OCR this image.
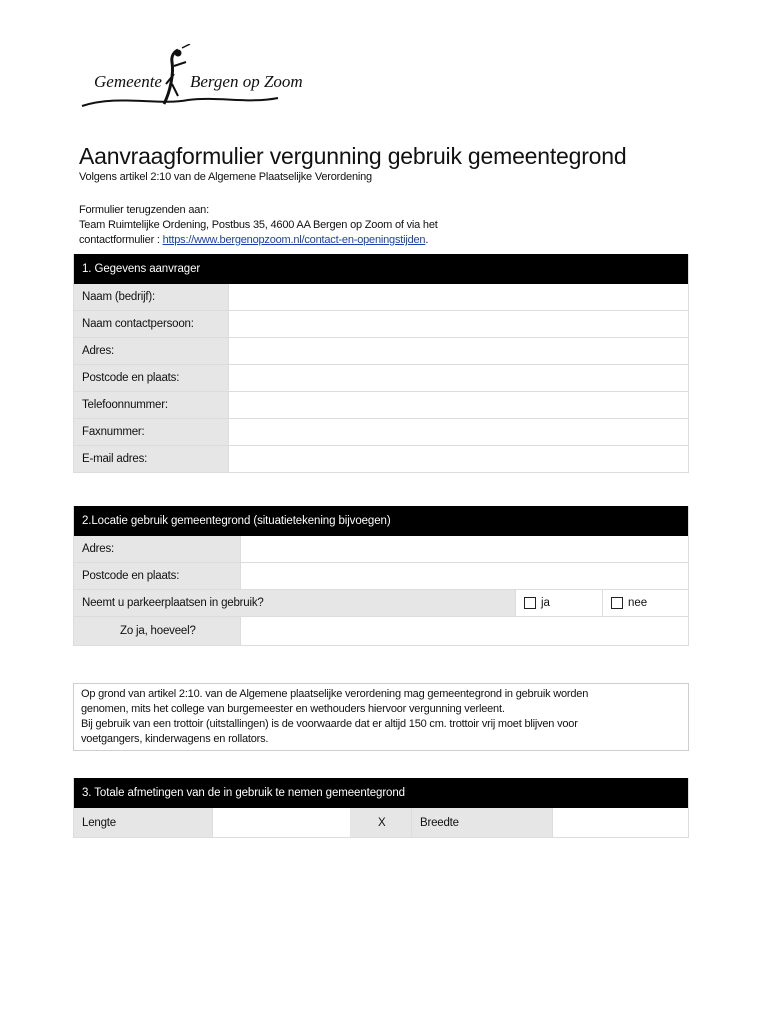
Gemeente Bergen op Zoom
Aanvraagformulier vergunning gebruik gemeentegrond
Volgens artikel 2:10 van de Algemene Plaatselijke Verordening
Formulier terugzenden aan:
Team Ruimtelijke Ordening, Postbus 35, 4600 AA Bergen op Zoom of via het
contactformulier : https://www.bergenopzoom.nl/contact-en-openingstijden.
1. Gegevens aanvrager
Naam (bedrijf):
Naam contactpersoon:
Adres:
Postcode en plaats:
Telefoonnummer:
Faxnummer:
E-mail adres:
2.Locatie gebruik gemeentegrond (situatietekening bijvoegen)
Adres:
Postcode en plaats:
Neemt u parkeerplaatsen in gebruik?	ja	nee
Zo ja, hoeveel?
Op grond van artikel 2:10. van de Algemene plaatselijke verordening mag gemeentegrond in gebruik worden
genomen, mits het college van burgemeester en wethouders hiervoor vergunning verleent.
Bij gebruik van een trottoir (uitstallingen) is de voorwaarde dat er altijd 150 cm. trottoir vrij moet blijven voor
voetgangers, kinderwagens en rollators.
3. Totale afmetingen van de in gebruik te nemen gemeentegrond
Lengte	X	Breedte
